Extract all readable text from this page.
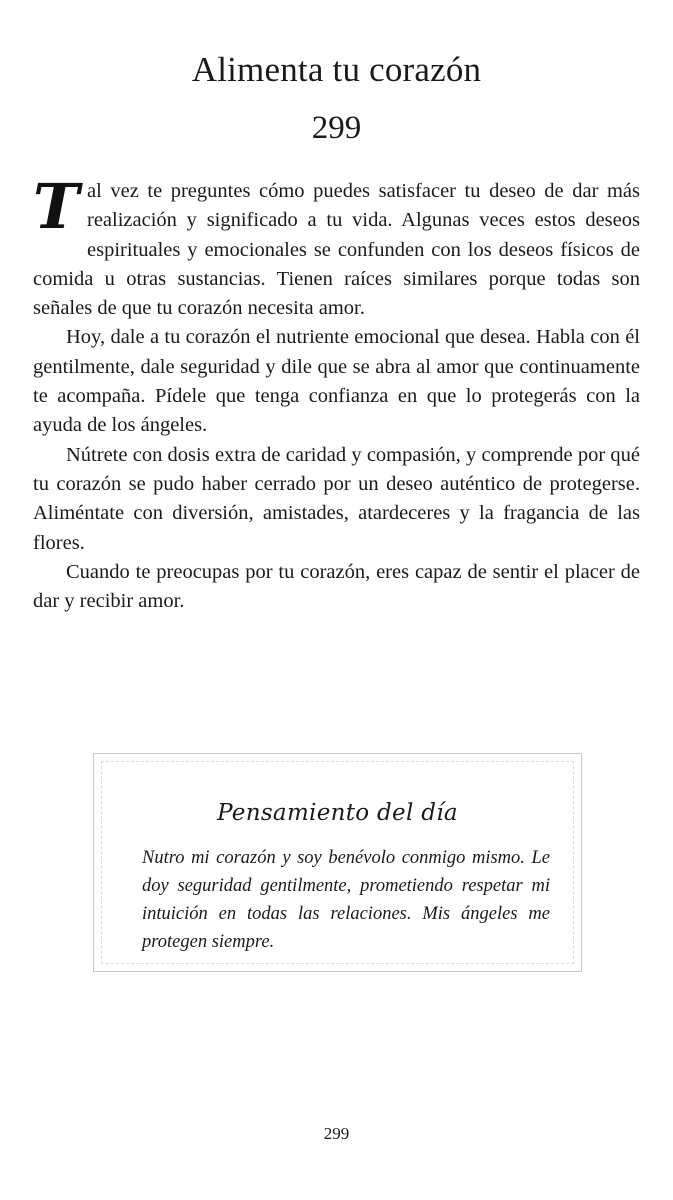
Alimenta tu corazón
299

Tal vez te preguntes cómo puedes satisfacer tu deseo de dar más realización y significado a tu vida. Algunas veces estos deseos espirituales y emocionales se confunden con los deseos físicos de comida u otras sustancias. Tienen raíces similares porque todas son señales de que tu corazón necesita amor.

Hoy, dale a tu corazón el nutriente emocional que desea. Habla con él gentilmente, dale seguridad y dile que se abra al amor que continuamente te acompaña. Pídele que tenga confianza en que lo protegerás con la ayuda de los ángeles.

Nútrete con dosis extra de caridad y compasión, y comprende por qué tu corazón se pudo haber cerrado por un deseo auténtico de protegerse. Aliméntate con diversión, amistades, atardeceres y la fragancia de las flores.

Cuando te preocupas por tu corazón, eres capaz de sentir el placer de dar y recibir amor.

Pensamiento del día
Nutro mi corazón y soy benévolo conmigo mismo. Le doy seguridad gentilmente, prometiendo respetar mi intuición en todas las relaciones. Mis ángeles me protegen siempre.
299
